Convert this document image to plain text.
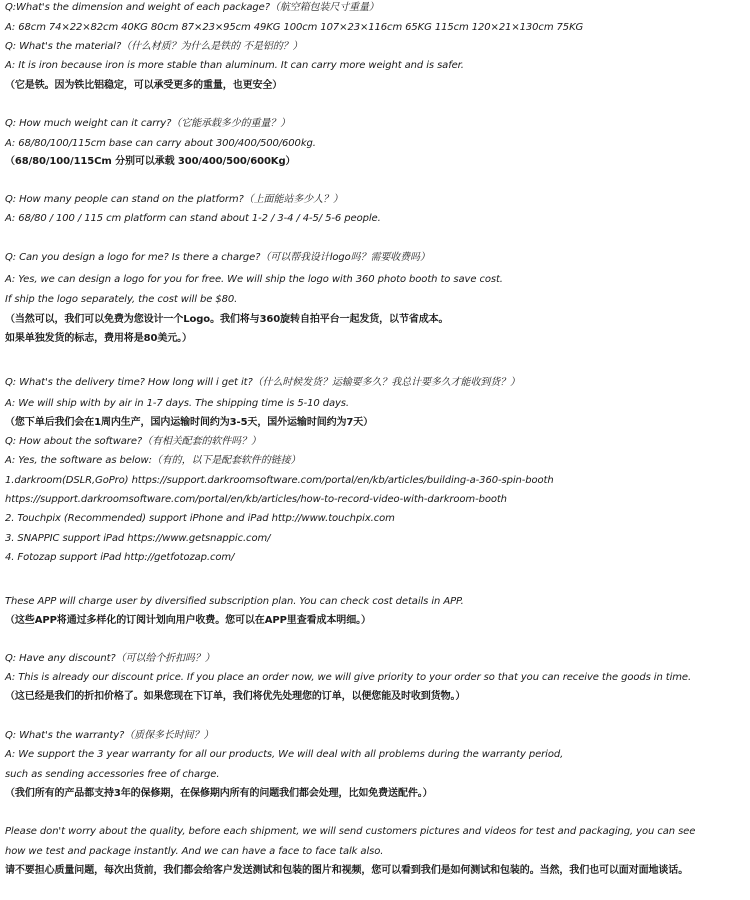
Q:What's the dimension and weight of each package?（航空箱包装尺寸重量）
A: 68cm 74×22×82cm 40KG 80cm 87×23×95cm 49KG 100cm 107×23×116cm 65KG 115cm 120×21×130cm 75KG
Q: What's the material?（什么材质？为什么是铁的 不是铝的？）
A: It is iron because iron is more stable than aluminum. It can carry more weight and is safer.
（它是铁。因为铁比铝稳定，可以承受更多的重量，也更安全）
Q: How much weight can it carry?（它能承载多少的重量？）
A: 68/80/100/115cm base can carry about 300/400/500/600kg.
（68/80/100/115Cm 分别可以承载 300/400/500/600Kg）
Q: How many people can stand on the platform?（上面能站多少人？）
A: 68/80 / 100 / 115 cm platform can stand about 1-2 / 3-4 / 4-5/ 5-6 people.
Q: Can you design a logo for me? Is there a charge?（可以帮我设计logo吗？需要收费吗）
A: Yes, we can design a logo for you for free. We will ship the logo with 360 photo booth to save cost.
If ship the logo separately, the cost will be $80.
（当然可以，我们可以免费为您设计一个Logo。我们将与360旋转自拍平台一起发货，以节省成本。
如果单独发货的标志，费用将是80美元。）
Q: What's the delivery time? How long will i get it?（什么时候发货？运输要多久？我总计要多久才能收到货？）
A: We will ship with by air in 1-7 days. The shipping time is 5-10 days.
（您下单后我们会在1周内生产，国内运输时间约为3-5天，国外运输时间约为7天）
Q: How about the software?（有相关配套的软件吗？）
A: Yes, the software as below:（有的，以下是配套软件的链接）
1.darkroom(DSLR,GoPro) https://support.darkroomsoftware.com/portal/en/kb/articles/building-a-360-spin-booth
https://support.darkroomsoftware.com/portal/en/kb/articles/how-to-record-video-with-darkroom-booth
2. Touchpix (Recommended) support iPhone and iPad http://www.touchpix.com
3. SNAPPIC support iPad https://www.getsnappic.com/
4. Fotozap support iPad http://getfotozap.com/
These APP will charge user by diversified subscription plan. You can check cost details in APP.
（这些APP将通过多样化的订阅计划向用户收费。您可以在APP里查看成本明细。）
Q: Have any discount?（可以给个折扣吗？）
A: This is already our discount price. If you place an order now, we will give priority to your order so that you can receive the goods in time.
（这已经是我们的折扣价格了。如果您现在下订单，我们将优先处理您的订单，以便您能及时收到货物。）
Q: What's the warranty?（质保多长时间？）
A: We support the 3 year warranty for all our products, We will deal with all problems during the warranty period,
such as sending accessories free of charge.
（我们所有的产品都支持3年的保修期，在保修期内所有的问题我们都会处理，比如免费送配件。）
Please don't worry about the quality, before each shipment, we will send customers pictures and videos for test and packaging, you can see
how we test and package instantly. And we can have a face to face talk also.
请不要担心质量问题，每次出货前，我们都会给客户发送测试和包装的图片和视频，您可以看到我们是如何测试和包装的。当然，我们也可以面对面地谈话。
